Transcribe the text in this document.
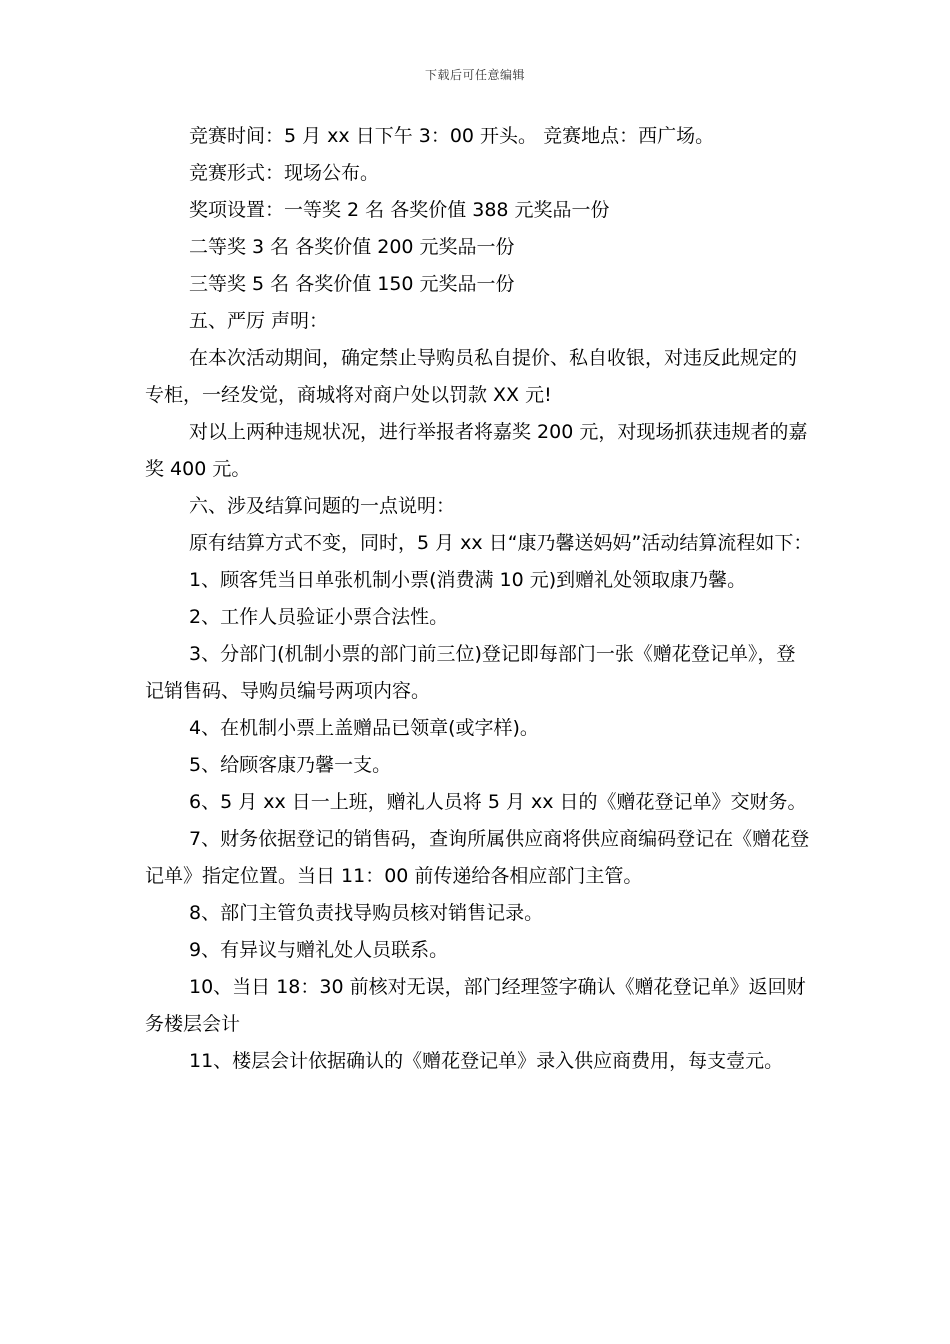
下载后可任意编辑

竞赛时间：5 月 xx 日下午 3：00 开头。 竞赛地点：西广场。

竞赛形式：现场公布。

奖项设置：一等奖 2 名 各奖价值 388 元奖品一份

二等奖 3 名 各奖价值 200 元奖品一份

三等奖 5 名 各奖价值 150 元奖品一份

五、严厉 声明：

在本次活动期间，确定禁止导购员私自提价、私自收银，对违反此规定的专柜，一经发觉，商城将对商户处以罚款 XX 元!

对以上两种违规状况，进行举报者将嘉奖 200 元，对现场抓获违规者的嘉奖 400 元。

六、涉及结算问题的一点说明：

原有结算方式不变，同时，5 月 xx 日“康乃馨送妈妈”活动结算流程如下：

1、顾客凭当日单张机制小票(消费满 10 元)到赠礼处领取康乃馨。

2、工作人员验证小票合法性。

3、分部门(机制小票的部门前三位)登记即每部门一张《赠花登记单》，登记销售码、导购员编号两项内容。

4、在机制小票上盖赠品已领章(或字样)。

5、给顾客康乃馨一支。

6、5 月 xx 日一上班，赠礼人员将 5 月 xx 日的《赠花登记单》交财务。

7、财务依据登记的销售码，查询所属供应商将供应商编码登记在《赠花登记单》指定位置。当日 11：00 前传递给各相应部门主管。

8、部门主管负责找导购员核对销售记录。

9、有异议与赠礼处人员联系。

10、当日 18：30 前核对无误，部门经理签字确认《赠花登记单》返回财务楼层会计

11、楼层会计依据确认的《赠花登记单》录入供应商费用，每支壹元。
